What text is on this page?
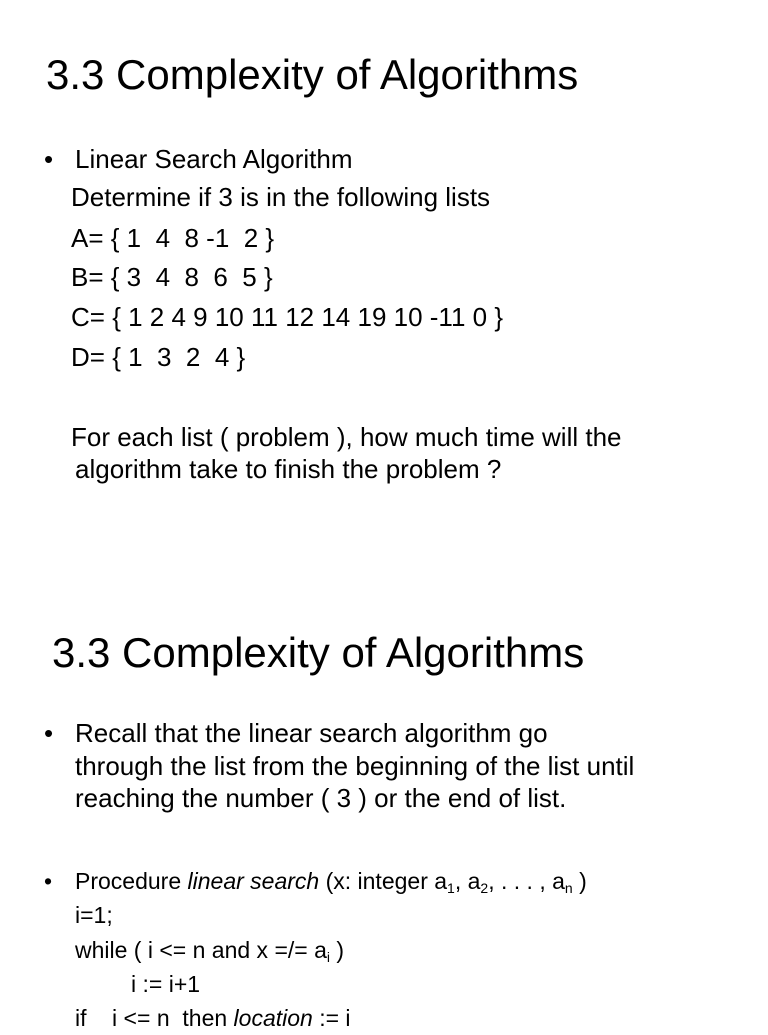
3.3 Complexity of Algorithms
• Linear Search Algorithm
Determine if 3 is in the following lists
A= { 1  4  8 -1  2 }
B= { 3  4  8  6  5 }
C= { 1 2 4 9 10 11 12 14 19 10 -11 0 }
D= { 1  3  2  4 }
For each list ( problem ), how much time will the
algorithm take to finish the problem ?
3.3 Complexity of Algorithms
• Recall that the linear search algorithm go
through the list from the beginning of the list until
reaching the number ( 3 ) or the end of list.
• Procedure linear search (x: integer $a_1$, $a_2$, . . . , $a_n$ )
i=1;
while ( i <= n and x =/= $a_i$ )
i := i+1
if    i <= n  then location := i
